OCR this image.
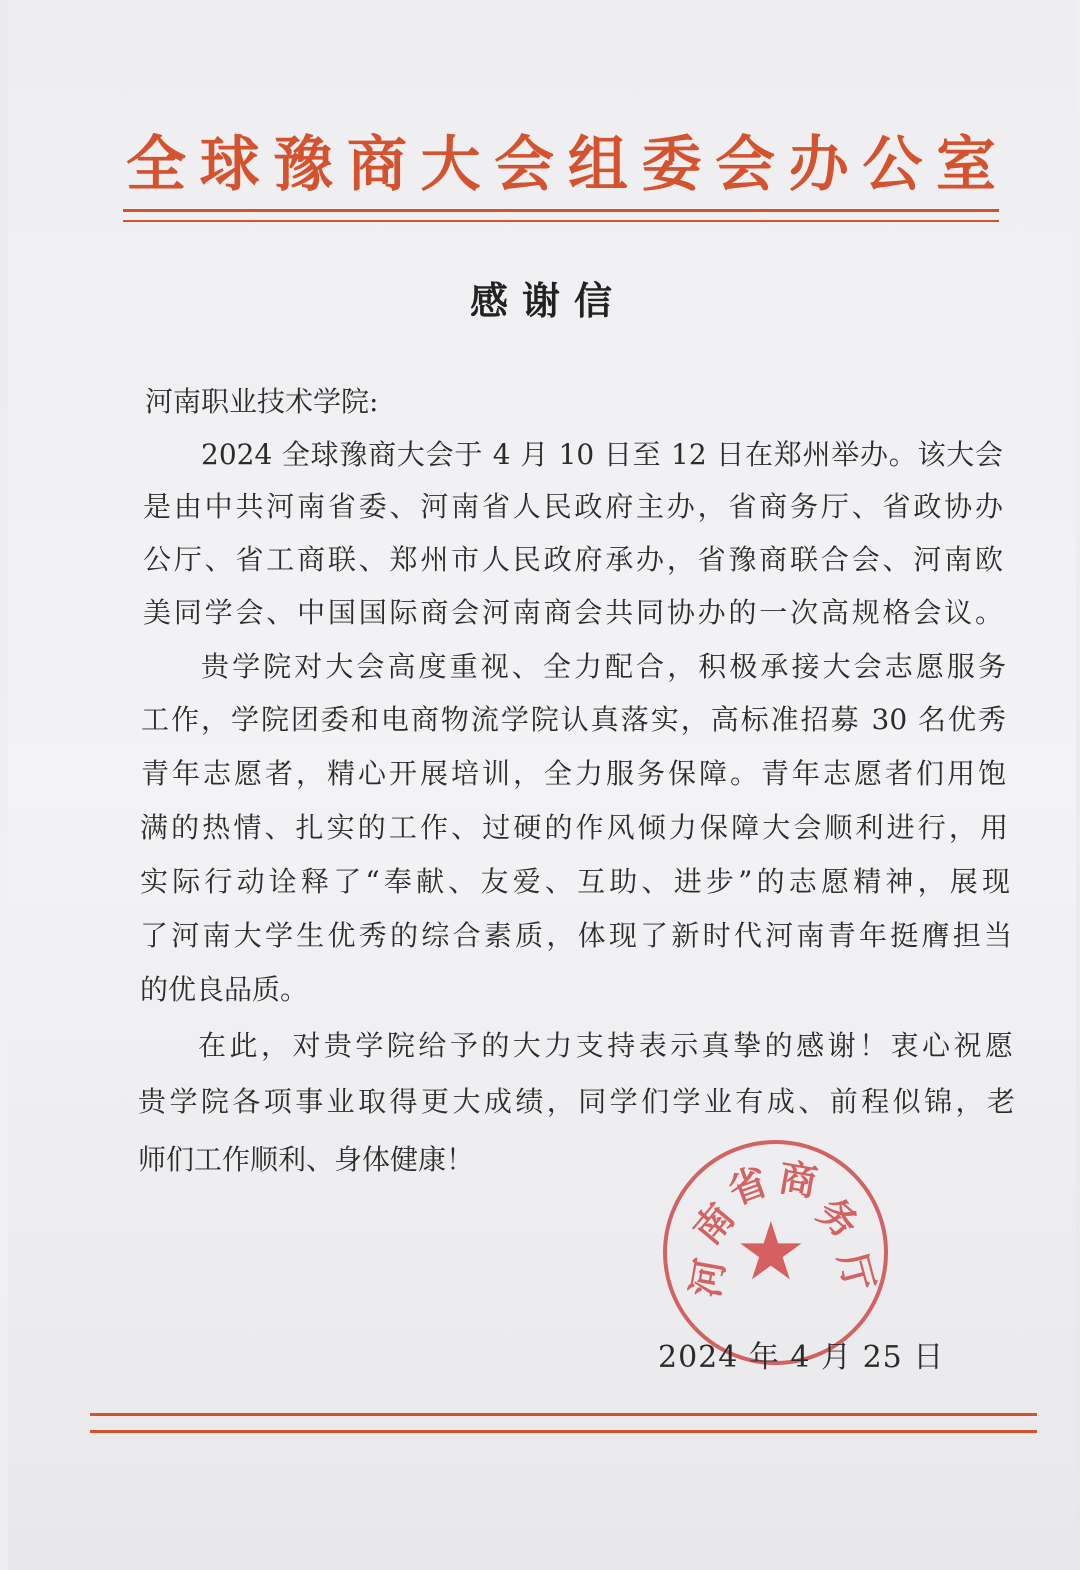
全球豫商大会组委会办公室
感谢信
河南职业技术学院:
2024 全球豫商大会于 4 月 10 日至 12 日在郑州举办。该大会
是由中共河南省委、河南省人民政府主办，省商务厅、省政协办
公厅、省工商联、郑州市人民政府承办，省豫商联合会、河南欧
美同学会、中国国际商会河南商会共同协办的一次高规格会议。
贵学院对大会高度重视、全力配合，积极承接大会志愿服务
工作，学院团委和电商物流学院认真落实，高标准招募 30 名优秀
青年志愿者，精心开展培训，全力服务保障。青年志愿者们用饱
满的热情、扎实的工作、过硬的作风倾力保障大会顺利进行，用
实际行动诠释了“奉献、友爱、互助、进步”的志愿精神，展现
了河南大学生优秀的综合素质，体现了新时代河南青年挺膺担当
的优良品质。
在此，对贵学院给予的大力支持表示真挚的感谢！衷心祝愿
贵学院各项事业取得更大成绩，同学们学业有成、前程似锦，老
师们工作顺利、身体健康！
河
南
省 商
务
厅
★
2024 年 4 月 25 日
